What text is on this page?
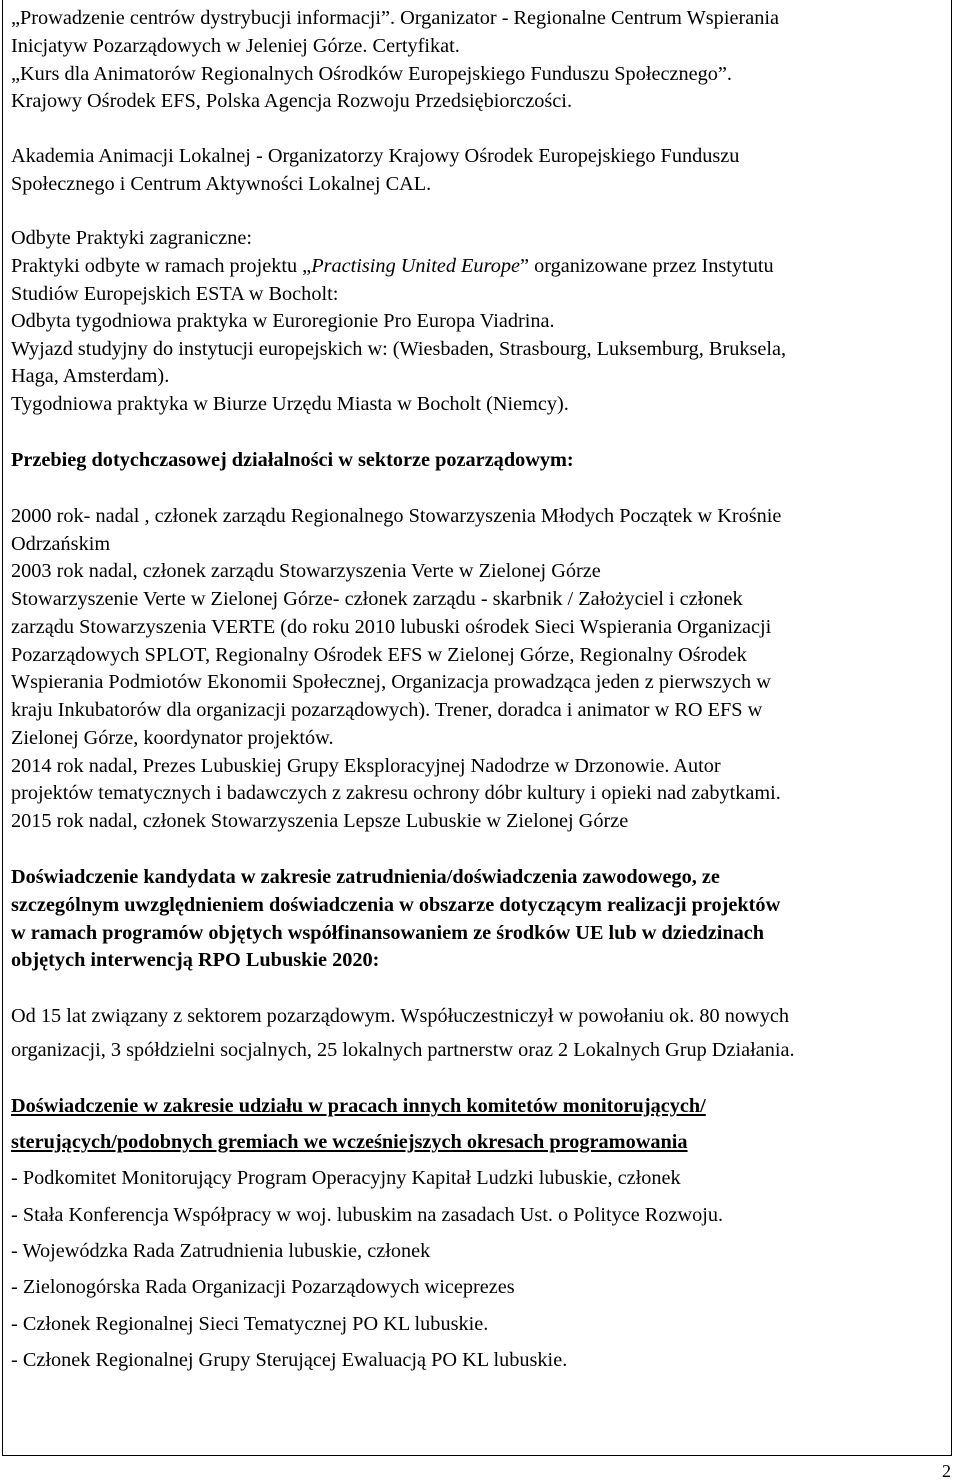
„Prowadzenie centrów dystrybucji informacji”. Organizator - Regionalne Centrum Wspierania
Inicjatyw Pozarządowych w Jeleniej Górze. Certyfikat.
„Kurs dla Animatorów Regionalnych Ośrodków Europejskiego Funduszu Społecznego”.
Krajowy Ośrodek EFS, Polska Agencja Rozwoju Przedsiębiorczości.
Akademia Animacji Lokalnej - Organizatorzy Krajowy Ośrodek Europejskiego Funduszu
Społecznego i Centrum Aktywności Lokalnej CAL.
Odbyte Praktyki zagraniczne:
Praktyki odbyte w ramach projektu „Practising United Europe” organizowane przez Instytutu
Studiów Europejskich ESTA w Bocholt:
Odbyta tygodniowa praktyka w Euroregionie Pro Europa Viadrina.
Wyjazd studyjny do instytucji europejskich w: (Wiesbaden, Strasbourg, Luksemburg, Bruksela,
Haga, Amsterdam).
Tygodniowa praktyka w Biurze Urzędu Miasta w Bocholt (Niemcy).
Przebieg dotychczasowej działalności w sektorze pozarządowym:
2000 rok- nadal , członek zarządu Regionalnego Stowarzyszenia Młodych Początek w Krośnie
Odrzańskim
2003 rok nadal, członek zarządu Stowarzyszenia Verte w Zielonej Górze
Stowarzyszenie Verte w Zielonej Górze- członek zarządu - skarbnik / Założyciel i członek
zarządu Stowarzyszenia VERTE (do roku 2010 lubuski ośrodek Sieci Wspierania Organizacji
Pozarządowych SPLOT, Regionalny Ośrodek EFS w Zielonej Górze, Regionalny Ośrodek
Wspierania Podmiotów Ekonomii Społecznej, Organizacja prowadząca jeden z pierwszych w
kraju Inkubatorów dla organizacji pozarządowych). Trener, doradca i animator w RO EFS w
Zielonej Górze, koordynator projektów.
2014 rok nadal, Prezes Lubuskiej Grupy Eksploracyjnej Nadodrze w Drzonowie. Autor
projektów tematycznych i badawczych z zakresu ochrony dóbr kultury i opieki nad zabytkami.
2015 rok nadal, członek Stowarzyszenia Lepsze Lubuskie w Zielonej Górze
Doświadczenie kandydata w zakresie zatrudnienia/doświadczenia zawodowego, ze
szczególnym uwzględnieniem doświadczenia w obszarze dotyczącym realizacji projektów
w ramach programów objętych współfinansowaniem ze środków UE lub w dziedzinach
objętych interwencją RPO Lubuskie 2020:
Od 15 lat związany z sektorem pozarządowym. Współuczestniczył w powołaniu ok. 80 nowych
organizacji, 3 spółdzielni socjalnych, 25 lokalnych partnerstw oraz 2 Lokalnych Grup Działania.
Doświadczenie w zakresie udziału w pracach innych komitetów monitorujących/
sterujących/podobnych gremiach we wcześniejszych okresach programowania
- Podkomitet Monitorujący Program Operacyjny Kapitał Ludzki lubuskie, członek
- Stała Konferencja Współpracy w woj. lubuskim na zasadach Ust. o Polityce Rozwoju.
- Wojewódzka Rada Zatrudnienia lubuskie, członek
- Zielonogórska Rada Organizacji Pozarządowych wiceprezes
- Członek Regionalnej Sieci Tematycznej PO KL lubuskie.
- Członek Regionalnej Grupy Sterującej Ewaluacją PO KL lubuskie.
2
